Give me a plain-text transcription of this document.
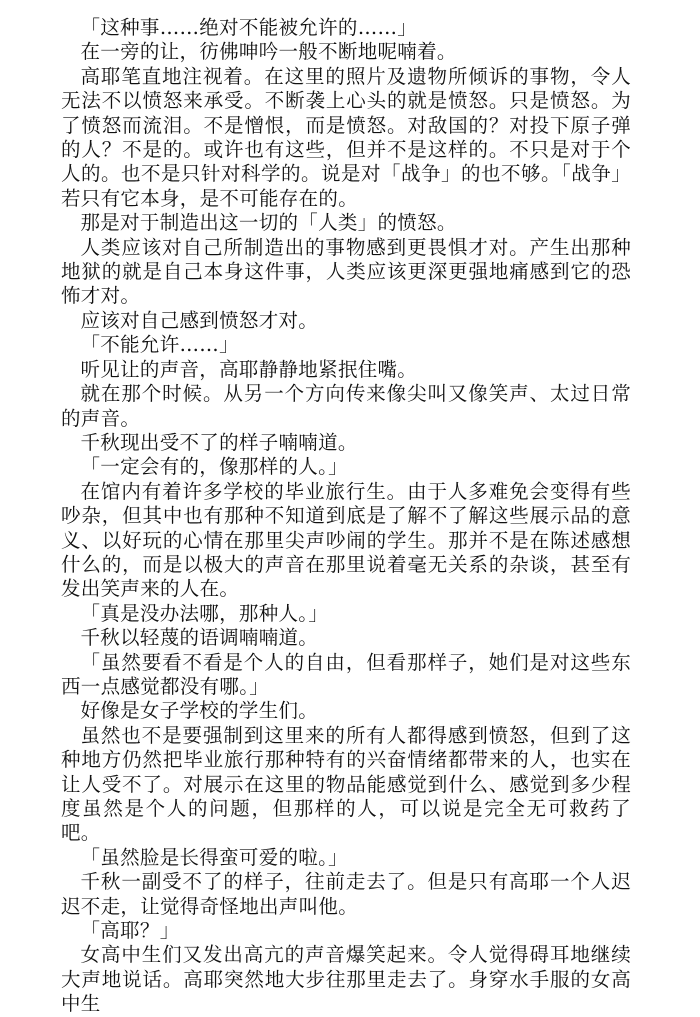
「这种事……绝对不能被允许的……」

在一旁的让，彷佛呻吟一般不断地呢喃着。

高耶笔直地注视着。在这里的照片及遗物所倾诉的事物，令人无法不以愤怒来承受。不断袭上心头的就是愤怒。只是愤怒。为了愤怒而流泪。不是憎恨，而是愤怒。对敌国的？对投下原子弹的人？不是的。或许也有这些，但并不是这样的。不只是对于个人的。也不是只针对科学的。说是对「战争」的也不够。「战争」若只有它本身，是不可能存在的。

那是对于制造出这一切的「人类」的愤怒。

人类应该对自己所制造出的事物感到更畏惧才对。产生出那种地狱的就是自己本身这件事，人类应该更深更强地痛感到它的恐怖才对。

应该对自己感到愤怒才对。

「不能允许……」

听见让的声音，高耶静静地紧抿住嘴。

就在那个时候。从另一个方向传来像尖叫又像笑声、太过日常的声音。

千秋现出受不了的样子喃喃道。

「一定会有的，像那样的人。」

在馆内有着许多学校的毕业旅行生。由于人多难免会变得有些吵杂，但其中也有那种不知道到底是了解不了解这些展示品的意义、以好玩的心情在那里尖声吵闹的学生。那并不是在陈述感想什么的，而是以极大的声音在那里说着毫无关系的杂谈，甚至有发出笑声来的人在。

「真是没办法哪，那种人。」

千秋以轻蔑的语调喃喃道。

「虽然要看不看是个人的自由，但看那样子，她们是对这些东西一点感觉都没有哪。」

好像是女子学校的学生们。

虽然也不是要强制到这里来的所有人都得感到愤怒，但到了这种地方仍然把毕业旅行那种特有的兴奋情绪都带来的人，也实在让人受不了。对展示在这里的物品能感觉到什么、感觉到多少程度虽然是个人的问题，但那样的人，可以说是完全无可救药了吧。

「虽然脸是长得蛮可爱的啦。」

千秋一副受不了的样子，往前走去了。但是只有高耶一个人迟迟不走，让觉得奇怪地出声叫他。

「高耶？」

女高中生们又发出高亢的声音爆笑起来。令人觉得碍耳地继续大声地说话。高耶突然地大步往那里走去了。身穿水手服的女高中生
